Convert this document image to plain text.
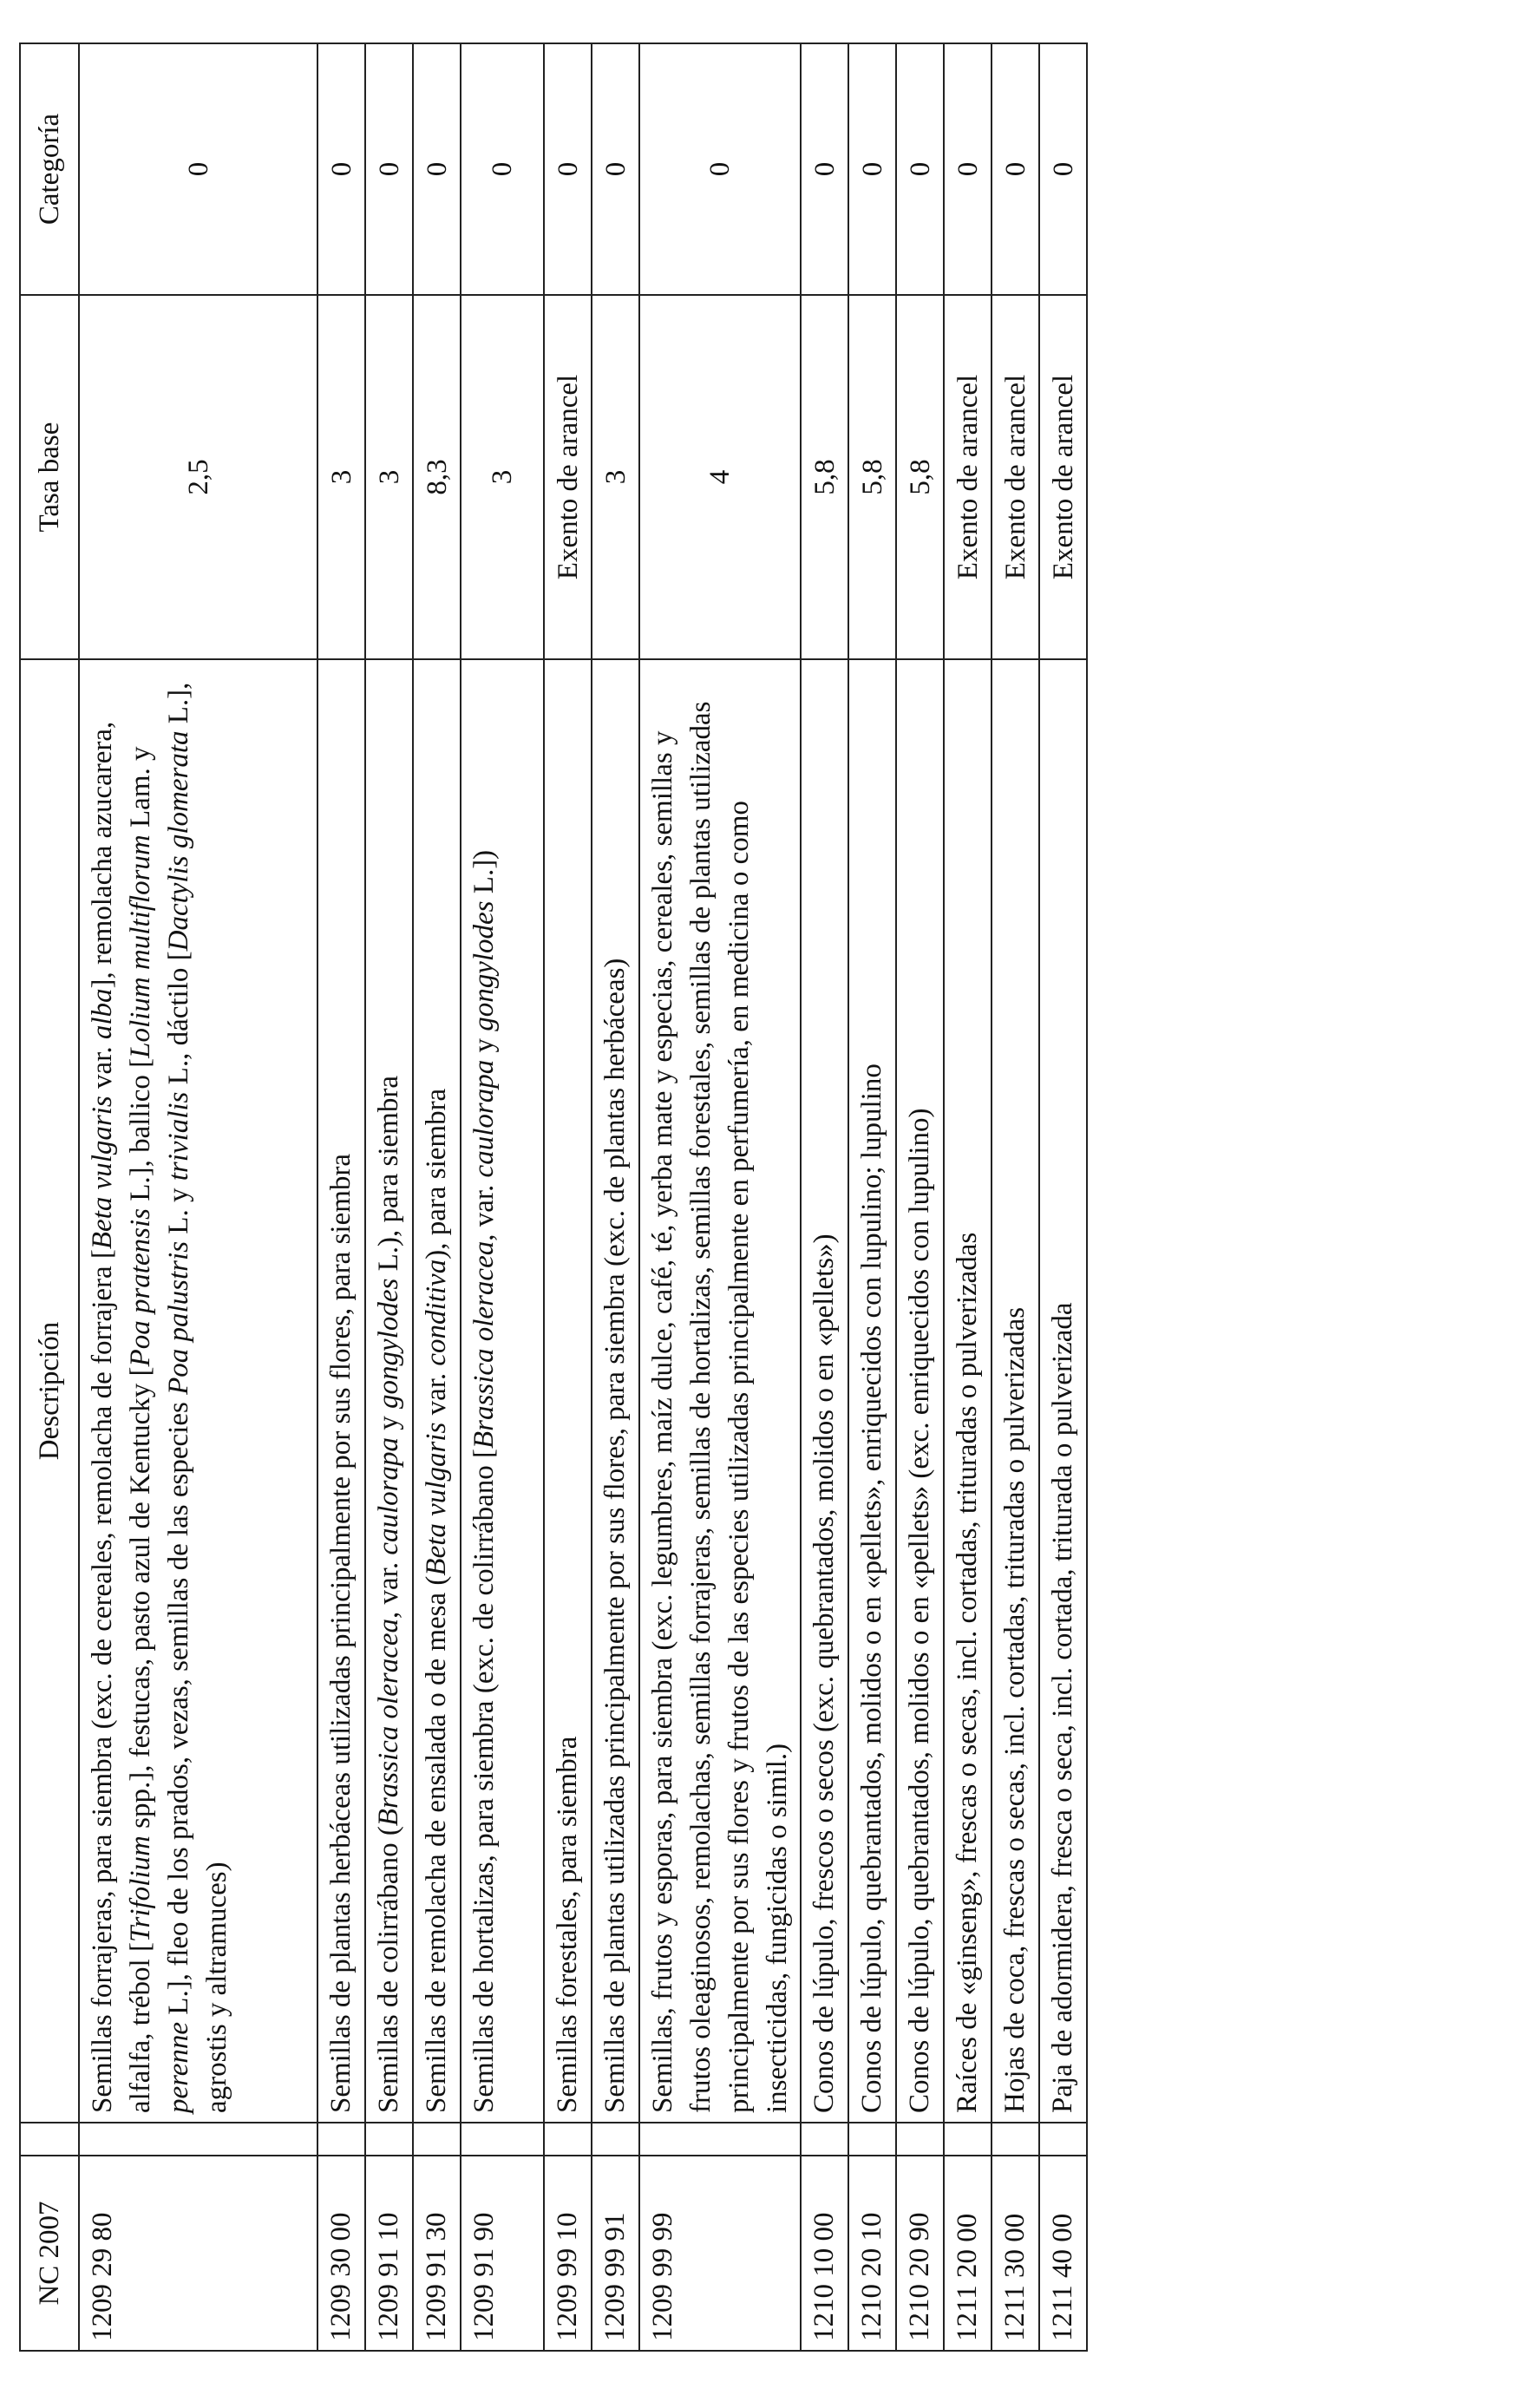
NC 2007		Descripción	Tasa base	Categoría
1209 29 80		Semillas forrajeras, para siembra (exc. de cereales, remolacha de forrajera [Beta vulgaris var. alba], remolacha azucarera, alfalfa, trébol [Trifolium spp.], festucas, pasto azul de Kentucky [Poa pratensis L.], ballico [Lolium multiflorum Lam. y perenne L.], fleo de los prados, vezas, semillas de las especies Poa palustris L. y trivialis L., dáctilo [Dactylis glomerata L.], agrostis y altramuces)	2,5	0
1209 30 00		Semillas de plantas herbáceas utilizadas principalmente por sus flores, para siembra	3	0
1209 91 10		Semillas de colirrábano (Brassica oleracea, var. caulorapa y gongylodes L.), para siembra	3	0
1209 91 30		Semillas de remolacha de ensalada o de mesa (Beta vulgaris var. conditiva), para siembra	8,3	0
1209 91 90		Semillas de hortalizas, para siembra (exc. de colirrábano [Brassica oleracea, var. caulorapa y gongylodes L.])	3	0
1209 99 10		Semillas forestales, para siembra	Exento de arancel	0
1209 99 91		Semillas de plantas utilizadas principalmente por sus flores, para siembra (exc. de plantas herbáceas)	3	0
1209 99 99		Semillas, frutos y esporas, para siembra (exc. legumbres, maíz dulce, café, té, yerba mate y especias, cereales, semillas y frutos oleaginosos, remolachas, semillas forrajeras, semillas de hortalizas, semillas forestales, semillas de plantas utilizadas principalmente por sus flores y frutos de las especies utilizadas principalmente en perfumería, en medicina o como insecticidas, fungicidas o simil.)	4	0
1210 10 00		Conos de lúpulo, frescos o secos (exc. quebrantados, molidos o en «pellets»)	5,8	0
1210 20 10		Conos de lúpulo, quebrantados, molidos o en «pellets», enriquecidos con lupulino; lupulino	5,8	0
1210 20 90		Conos de lúpulo, quebrantados, molidos o en «pellets» (exc. enriquecidos con lupulino)	5,8	0
1211 20 00		Raíces de «ginseng», frescas o secas, incl. cortadas, trituradas o pulverizadas	Exento de arancel	0
1211 30 00		Hojas de coca, frescas o secas, incl. cortadas, trituradas o pulverizadas	Exento de arancel	0
1211 40 00		Paja de adormidera, fresca o seca, incl. cortada, triturada o pulverizada	Exento de arancel	0
